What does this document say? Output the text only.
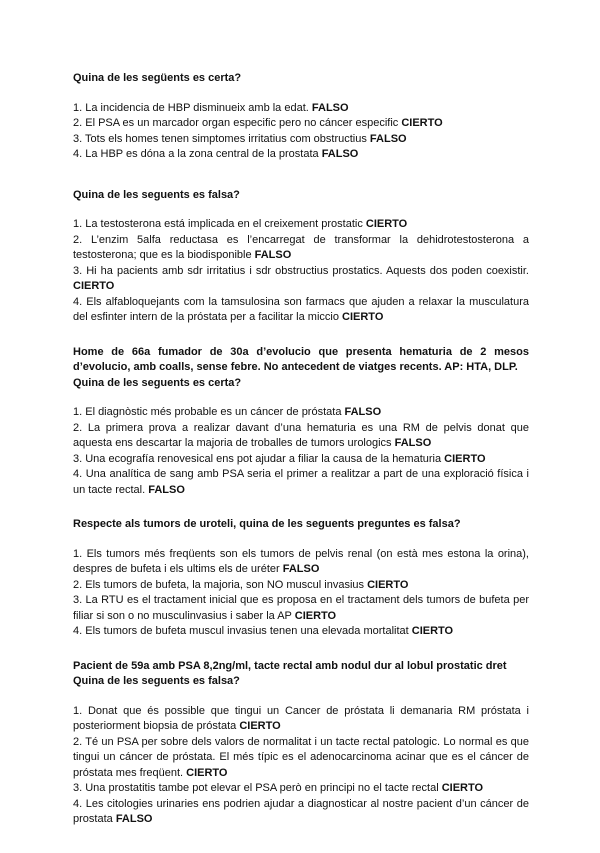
Quina de les següents es certa?

1. La incidencia de HBP disminueix amb la edat. FALSO

2. El PSA es un marcador organ especific pero no cáncer especific CIERTO

3. Tots els homes tenen simptomes irritatius com obstructius FALSO

4. La HBP es dóna a la zona central de la prostata FALSO

Quina de les seguents es falsa?

1. La testosterona está implicada en el creixement prostatic CIERTO

2. L’enzim 5alfa reductasa es l’encarregat de transformar la dehidrotestosterona a testosterona; que es la biodisponible FALSO

3. Hi ha pacients amb sdr irritatius i sdr obstructius prostatics. Aquests dos poden coexistir. CIERTO

4. Els alfabloquejants com la tamsulosina son farmacs que ajuden a relaxar la musculatura del esfinter intern de la próstata per a facilitar la miccio CIERTO

Home de 66a fumador de 30a d’evolucio que presenta hematuria de 2 mesos d’evolucio, amb coalls, sense febre. No antecedent de viatges recents. AP: HTA, DLP.
Quina de les seguents es certa?

1. El diagnòstic més probable es un cáncer de próstata FALSO

2. La primera prova a realizar davant d’una hematuria es una RM de pelvis donat que aquesta ens descartar la majoria de troballes de tumors urologics FALSO

3. Una ecografía renovesical ens pot ajudar a filiar la causa de la hematuria CIERTO

4. Una analítica de sang amb PSA seria el primer a realitzar a part de una exploració física i un tacte rectal. FALSO

Respecte als tumors de uroteli, quina de les seguents preguntes es falsa?

1. Els tumors més freqüents son els tumors de pelvis renal (on està mes estona la orina), despres de bufeta i els ultims els de uréter FALSO

2. Els tumors de bufeta, la majoria, son NO muscul invasius CIERTO

3. La RTU es el tractament inicial que es proposa en el tractament dels tumors de bufeta per filiar si son o no musculinvasius i saber la AP CIERTO

4. Els tumors de bufeta muscul invasius tenen una elevada mortalitat CIERTO

Pacient de 59a amb PSA 8,2ng/ml, tacte rectal amb nodul dur al lobul prostatic dret
Quina de les seguents es falsa?

1. Donat que és possible que tingui un Cancer de próstata li demanaria RM próstata i posteriorment biopsia de próstata CIERTO

2. Té un PSA per sobre dels valors de normalitat i un tacte rectal patologic. Lo normal es que tingui un cáncer de próstata. El més típic es el adenocarcinoma acinar que es el cáncer de próstata mes freqüent. CIERTO

3. Una prostatitis tambe pot elevar el PSA però en principi no el tacte rectal CIERTO

4. Les citologies urinaries ens podrien ajudar a diagnosticar al nostre pacient d’un cáncer de prostata FALSO
